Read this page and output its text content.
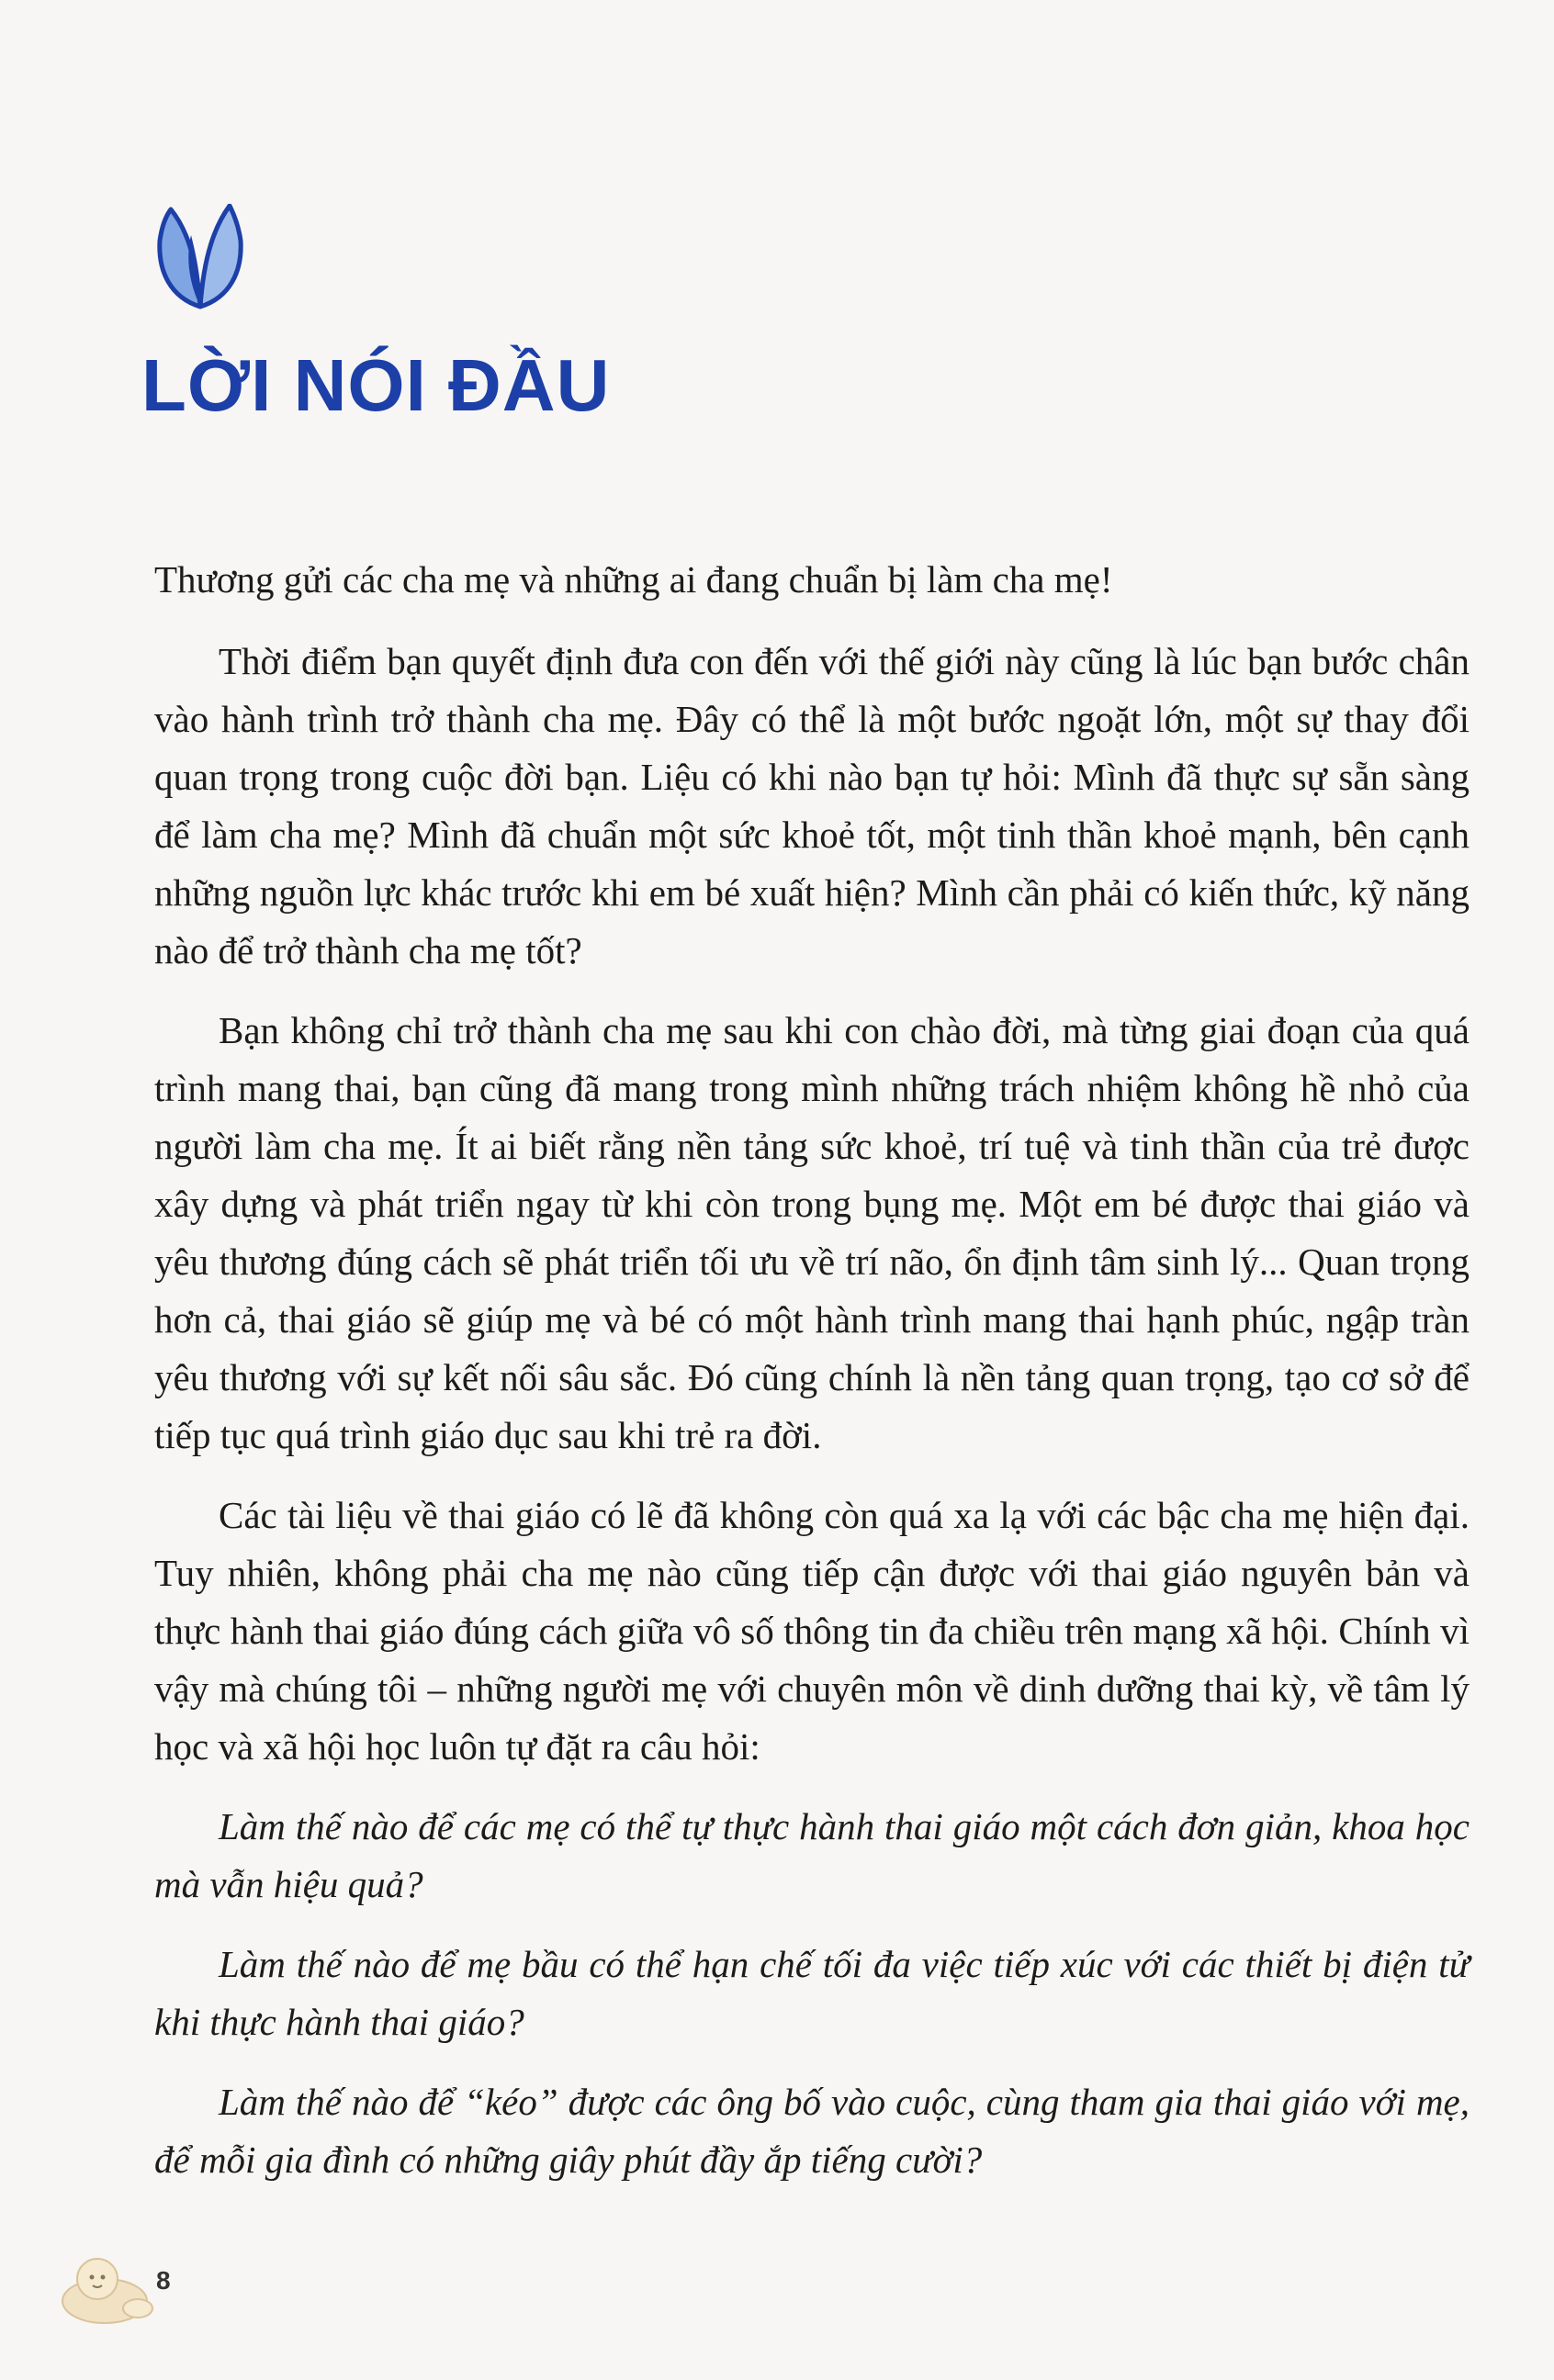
LỜI NÓI ĐẦU

Thương gửi các cha mẹ và những ai đang chuẩn bị làm cha mẹ!

Thời điểm bạn quyết định đưa con đến với thế giới này cũng là lúc bạn bước chân vào hành trình trở thành cha mẹ. Đây có thể là một bước ngoặt lớn, một sự thay đổi quan trọng trong cuộc đời bạn. Liệu có khi nào bạn tự hỏi: Mình đã thực sự sẵn sàng để làm cha mẹ? Mình đã chuẩn một sức khoẻ tốt, một tinh thần khoẻ mạnh, bên cạnh những nguồn lực khác trước khi em bé xuất hiện? Mình cần phải có kiến thức, kỹ năng nào để trở thành cha mẹ tốt?

Bạn không chỉ trở thành cha mẹ sau khi con chào đời, mà từng giai đoạn của quá trình mang thai, bạn cũng đã mang trong mình những trách nhiệm không hề nhỏ của người làm cha mẹ. Ít ai biết rằng nền tảng sức khoẻ, trí tuệ và tinh thần của trẻ được xây dựng và phát triển ngay từ khi còn trong bụng mẹ. Một em bé được thai giáo và yêu thương đúng cách sẽ phát triển tối ưu về trí não, ổn định tâm sinh lý... Quan trọng hơn cả, thai giáo sẽ giúp mẹ và bé có một hành trình mang thai hạnh phúc, ngập tràn yêu thương với sự kết nối sâu sắc. Đó cũng chính là nền tảng quan trọng, tạo cơ sở để tiếp tục quá trình giáo dục sau khi trẻ ra đời.

Các tài liệu về thai giáo có lẽ đã không còn quá xa lạ với các bậc cha mẹ hiện đại. Tuy nhiên, không phải cha mẹ nào cũng tiếp cận được với thai giáo nguyên bản và thực hành thai giáo đúng cách giữa vô số thông tin đa chiều trên mạng xã hội. Chính vì vậy mà chúng tôi – những người mẹ với chuyên môn về dinh dưỡng thai kỳ, về tâm lý học và xã hội học luôn tự đặt ra câu hỏi:

Làm thế nào để các mẹ có thể tự thực hành thai giáo một cách đơn giản, khoa học mà vẫn hiệu quả?

Làm thế nào để mẹ bầu có thể hạn chế tối đa việc tiếp xúc với các thiết bị điện tử khi thực hành thai giáo?

Làm thế nào để “kéo” được các ông bố vào cuộc, cùng tham gia thai giáo với mẹ, để mỗi gia đình có những giây phút đầy ắp tiếng cười?

8
